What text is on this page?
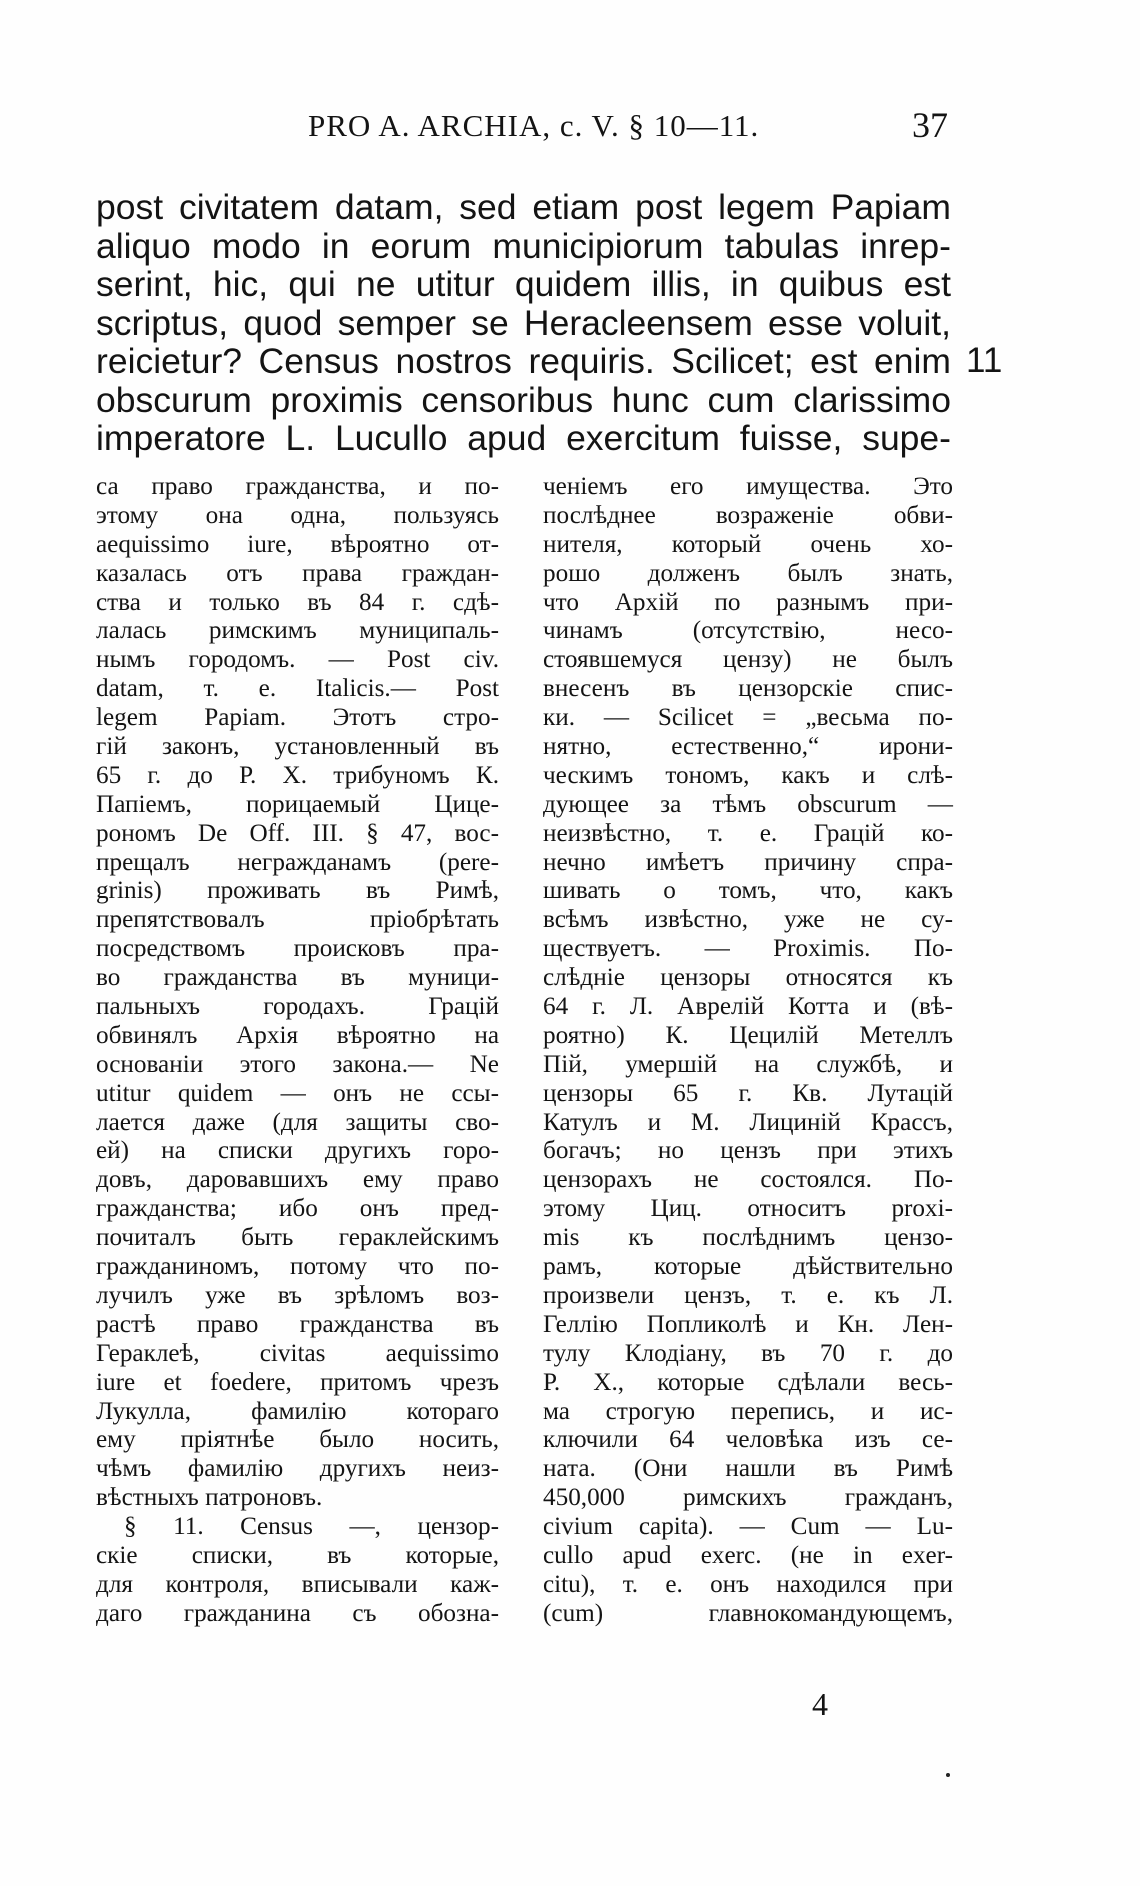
PRO A. ARCHIA, c. V. § 10—11.	37
post civitatem datam, sed etiam post legem Papiam
aliquo modo in eorum municipiorum tabulas inrep-
serint, hic, qui ne utitur quidem illis, in quibus est
scriptus, quod semper se Heracleensem esse voluit,
reicietur? Census nostros requiris. Scilicet; est enim
obscurum proximis censoribus hunc cum clarissimo
imperatore L. Lucullo apud exercitum fuisse, supe-
11
са право гражданства, и по-
этому она одна, пользуясь
aequissimo iure, вѣроятно от-
казалась отъ права граждан-
ства и только въ 84 г. сдѣ-
лалась римскимъ муниципаль-
нымъ городомъ. — Post civ.
datam, т. е. Italicis.— Post
legem Papiam. Этотъ стро-
гій законъ, установленный въ
65 г. до Р. Х. трибуномъ К.
Папіемъ, порицаемый Цице-
рономъ De Off. III. § 47, вос-
прещалъ негражданамъ (pere-
grinis) проживать въ Римѣ,
препятствовалъ пріобрѣтать
посредствомъ происковъ пра-
во гражданства въ муници-
пальныхъ городахъ. Грацій
обвинялъ Архія вѣроятно на
основаніи этого закона.— Ne
utitur quidem — онъ не ссы-
лается даже (для защиты сво-
ей) на списки другихъ горо-
довъ, даровавшихъ ему право
гражданства; ибо онъ пред-
почиталъ быть гераклейскимъ
гражданиномъ, потому что по-
лучилъ уже въ зрѣломъ воз-
растѣ право гражданства въ
Гераклеѣ, civitas aequissimo
iure et foedere, притомъ чрезъ
Лукулла, фамилію котораго
ему пріятнѣе было носить,
чѣмъ фамилію другихъ неиз-
вѣстныхъ патроновъ.
§ 11. Census —, цензор-
скіе списки, въ которые,
для контроля, вписывали каж-
даго гражданина съ обозна-
ченіемъ его имущества. Это
послѣднее возраженіе обви-
нителя, который очень хо-
рошо долженъ былъ знать,
что Архій по разнымъ при-
чинамъ (отсутствію, несо-
стоявшемуся цензу) не былъ
внесенъ въ цензорскіе спис-
ки. — Scilicet = „весьма по-
нятно, естественно,“ ирони-
ческимъ тономъ, какъ и слѣ-
дующее за тѣмъ obscurum —
неизвѣстно, т. е. Грацій ко-
нечно имѣетъ причину спра-
шивать о томъ, что, какъ
всѣмъ извѣстно, уже не су-
ществуетъ. — Proximis. По-
слѣдніе цензоры относятся къ
64 г. Л. Аврелій Котта и (вѣ-
роятно) К. Цецилій Метеллъ
Пій, умершій на службѣ, и
цензоры 65 г. Кв. Лутацій
Катулъ и М. Лициній Крассъ,
богачъ; но цензъ при этихъ
цензорахъ не состоялся. По-
этому Циц. относитъ proxi-
mis къ послѣднимъ цензо-
рамъ, которые дѣйствительно
произвели цензъ, т. е. къ Л.
Геллію Попликолѣ и Кн. Лен-
тулу Клодіану, въ 70 г. до
Р. Х., которые сдѣлали весь-
ма строгую перепись, и ис-
ключили 64 человѣка изъ се-
ната. (Они нашли въ Римѣ
450,000 римскихъ гражданъ,
civium capita). — Cum — Lu-
cullo apud exerc. (не in exer-
citu), т. е. онъ находился при
(cum) главнокомандующемъ,
4
